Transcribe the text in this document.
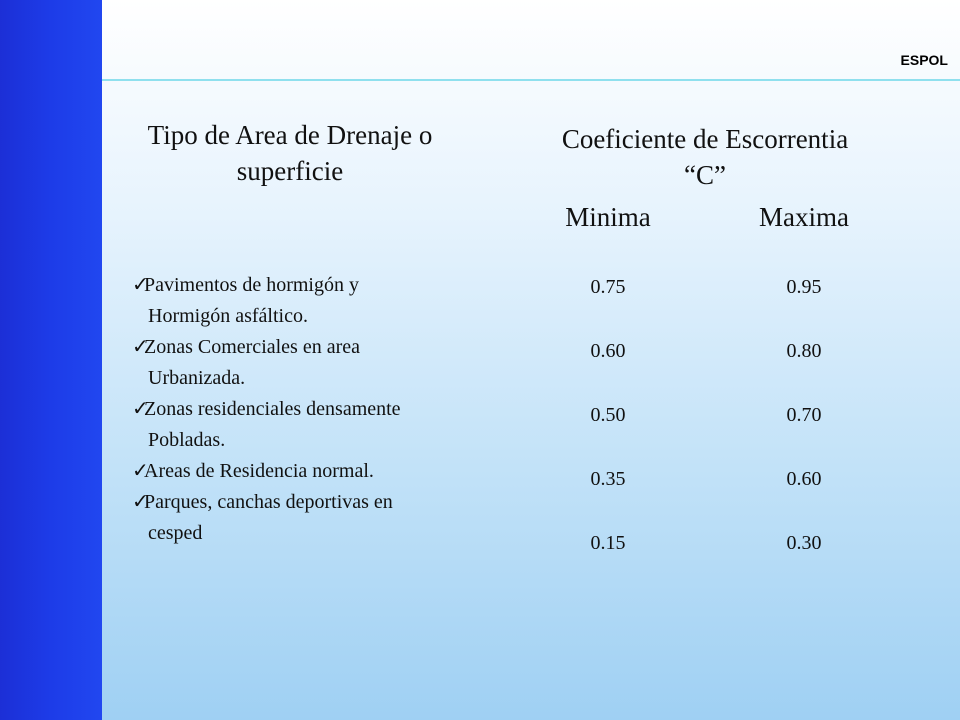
ESPOL
Tipo de Area de Drenaje o superficie
Coeficiente de Escorrentia
“C”
Minima	Maxima
✓
Pavimentos de hormigón y
Hormigón asfáltico.
✓
Zonas Comerciales en area
Urbanizada.
✓
Zonas residenciales densamente
Pobladas.
✓
Areas de Residencia normal.
✓
Parques, canchas deportivas en
cesped
0.75
0.60
0.50
0.35
0.15
0.95
0.80
0.70
0.60
0.30
